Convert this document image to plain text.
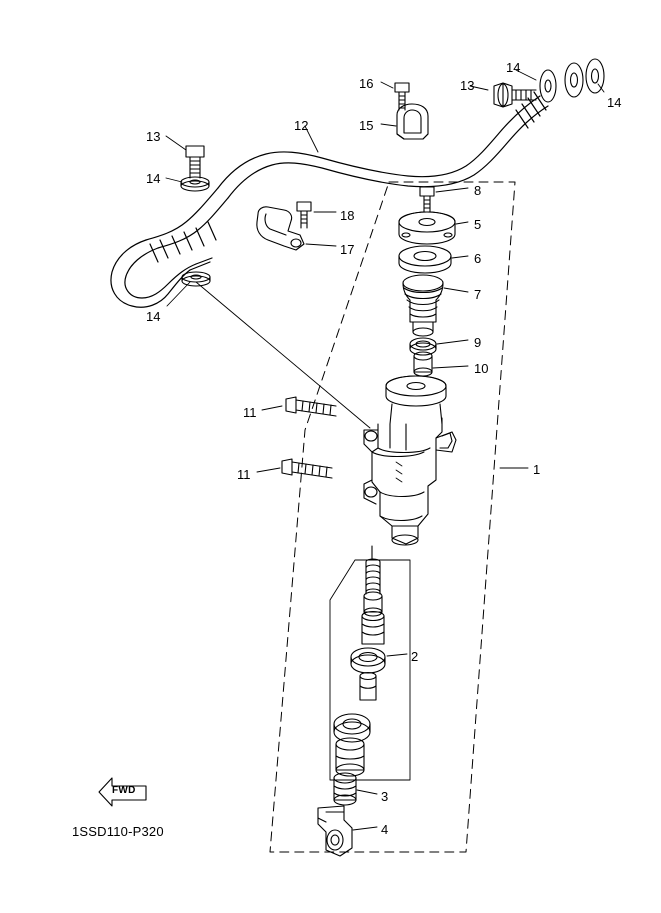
FWD
1SSD110-P320
16	13
14
14
15
12
13
14
18
17
14
8
5
6
7
9
10
11
11	1
2
3
4
